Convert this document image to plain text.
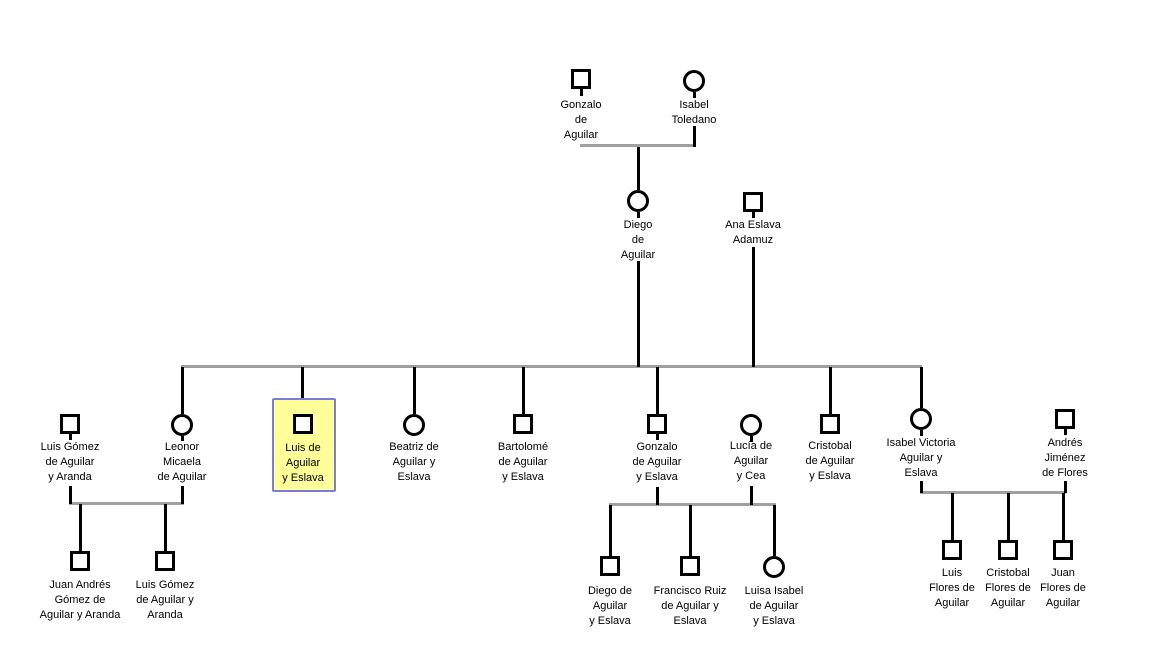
Gonzalo
de
Aguilar
Isabel
Toledano
Diego
de
Aguilar
Ana Eslava
Adamuz
Luis Gómez
de Aguilar
y Aranda
Leonor
Micaela
de Aguilar
Luis de
Aguilar
y Eslava
Beatriz de
Aguilar y
Eslava
Bartolomé
de Aguilar
y Eslava
Gonzalo
de Aguilar
y Eslava
Lucía de
Aguilar
y Cea
Cristobal
de Aguilar
y Eslava
Isabel Victoria
Aguilar y
Eslava
Andrés
Jiménez
de Flores
Juan Andrés
Gómez de
Aguilar y Aranda
Luis Gómez
de Aguilar y
Aranda
Diego de
Aguilar
y Eslava
Francisco Ruiz
de Aguilar y
Eslava
Luisa Isabel
de Aguilar
y Eslava
Luis
Flores de
Aguilar
Cristobal
Flores de
Aguilar
Juan
Flores de
Aguilar
